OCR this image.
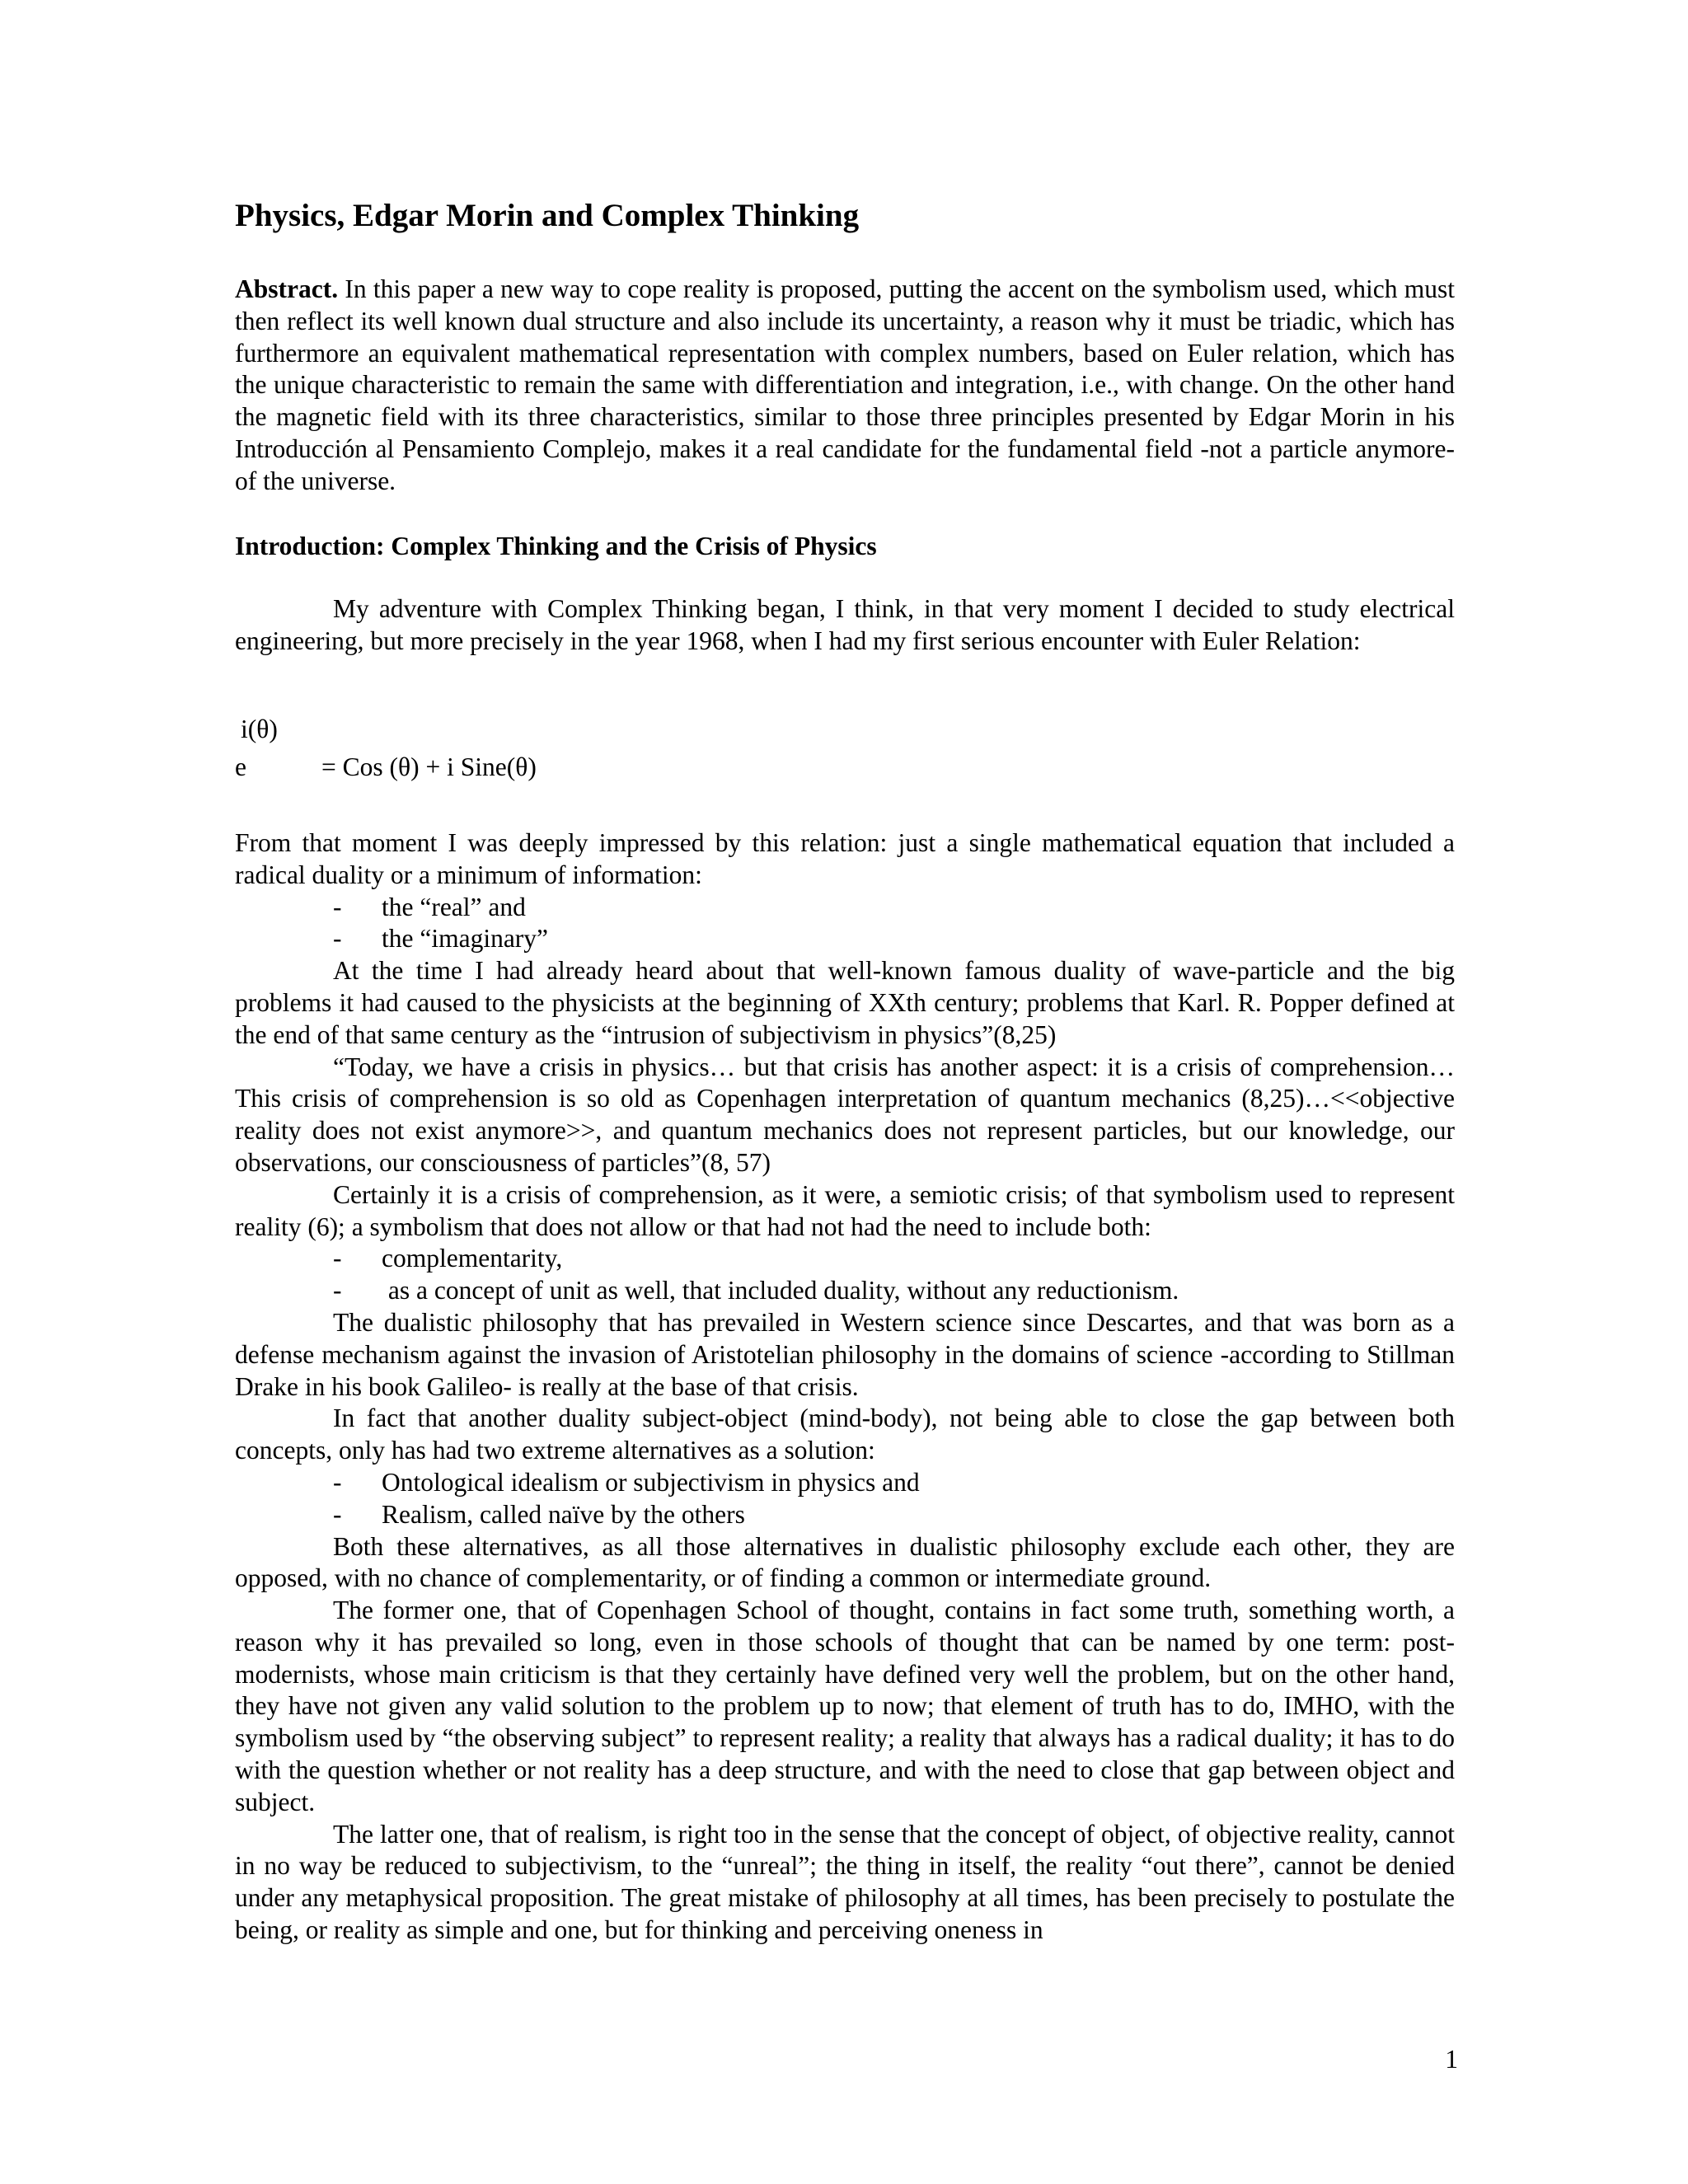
Physics, Edgar Morin and Complex Thinking

Abstract. In this paper a new way to cope reality is proposed, putting the accent on the symbolism used, which must then reflect its well known dual structure and also include its uncertainty, a reason why it must be triadic, which has furthermore an equivalent mathematical representation with complex numbers, based on Euler relation, which has the unique characteristic to remain the same with differentiation and integration, i.e., with change. On the other hand the magnetic field with its three characteristics, similar to those three principles presented by Edgar Morin in his Introducción al Pensamiento Complejo, makes it a real candidate for the fundamental field -not a particle anymore- of the universe.

Introduction: Complex Thinking and the Crisis of Physics

My adventure with Complex Thinking began, I think, in that very moment I decided to study electrical engineering, but more precisely in the year 1968, when I had my first serious encounter with Euler Relation:

i(θ)
e	= Cos (θ) + i Sine(θ)

From that moment I was deeply impressed by this relation: just a single mathematical equation that included a radical duality or a minimum of information:

- the “real” and
- the “imaginary”

At the time I had already heard about that well-known famous duality of wave-particle and the big problems it had caused to the physicists at the beginning of XXth century; problems that Karl. R. Popper defined at the end of that same century as the “intrusion of subjectivism in physics”(8,25)

“Today, we have a crisis in physics… but that crisis has another aspect: it is a crisis of comprehension…This crisis of comprehension is so old as Copenhagen interpretation of quantum mechanics (8,25)…<<objective reality does not exist anymore>>, and quantum mechanics does not represent particles, but our knowledge, our observations, our consciousness of particles”(8, 57)

Certainly it is a crisis of comprehension, as it were, a semiotic crisis; of that symbolism used to represent reality (6); a symbolism that does not allow or that had not had the need to include both:

- complementarity,
- as a concept of unit as well, that included duality, without any reductionism.

The dualistic philosophy that has prevailed in Western science since Descartes, and that was born as a defense mechanism against the invasion of Aristotelian philosophy in the domains of science -according to Stillman Drake in his book Galileo- is really at the base of that crisis.

In fact that another duality subject-object (mind-body), not being able to close the gap between both concepts, only has had two extreme alternatives as a solution:

- Ontological idealism or subjectivism in physics and
- Realism, called naïve by the others

Both these alternatives, as all those alternatives in dualistic philosophy exclude each other, they are opposed, with no chance of complementarity, or of finding a common or intermediate ground.

The former one, that of Copenhagen School of thought, contains in fact some truth, something worth, a reason why it has prevailed so long, even in those schools of thought that can be named by one term: post-modernists, whose main criticism is that they certainly have defined very well the problem, but on the other hand, they have not given any valid solution to the problem up to now; that element of truth has to do, IMHO, with the symbolism used by “the observing subject” to represent reality; a reality that always has a radical duality; it has to do with the question whether or not reality has a deep structure, and with the need to close that gap between object and subject.

The latter one, that of realism, is right too in the sense that the concept of object, of objective reality, cannot in no way be reduced to subjectivism, to the “unreal”; the thing in itself, the reality “out there”, cannot be denied under any metaphysical proposition. The great mistake of philosophy at all times, has been precisely to postulate the being, or reality as simple and one, but for thinking and perceiving oneness in

1
